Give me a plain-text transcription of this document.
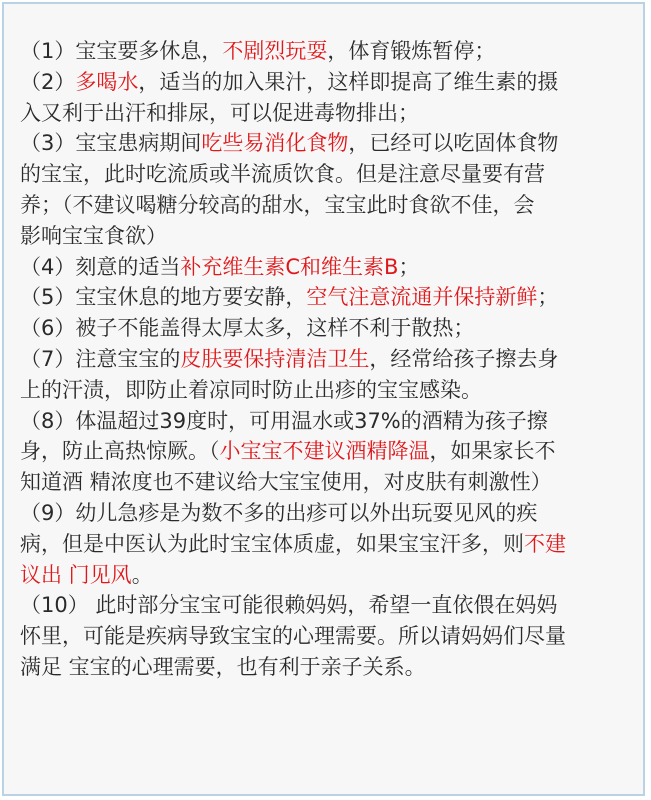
（1）宝宝要多休息，不剧烈玩耍，体育锻炼暂停；
（2）多喝水，适当的加入果汁，这样即提高了维生素的摄
入又利于出汗和排尿，可以促进毒物排出；
（3）宝宝患病期间吃些易消化食物，已经可以吃固体食物
的宝宝，此时吃流质或半流质饮食。但是注意尽量要有营
养；（不建议喝糖分较高的甜水，宝宝此时食欲不佳，会
影响宝宝食欲）
（4）刻意的适当补充维生素C和维生素B；
（5）宝宝休息的地方要安静，空气注意流通并保持新鲜；
（6）被子不能盖得太厚太多，这样不利于散热；
（7）注意宝宝的皮肤要保持清洁卫生，经常给孩子擦去身
上的汗渍，即防止着凉同时防止出疹的宝宝感染。
（8）体温超过39度时，可用温水或37%的酒精为孩子擦
身，防止高热惊厥。（小宝宝不建议酒精降温，如果家长不
知道酒 精浓度也不建议给大宝宝使用，对皮肤有刺激性）
（9）幼儿急疹是为数不多的出疹可以外出玩耍见风的疾
病，但是中医认为此时宝宝体质虚，如果宝宝汗多，则不建
议出 门见风。
（10） 此时部分宝宝可能很赖妈妈，希望一直依偎在妈妈
怀里，可能是疾病导致宝宝的心理需要。所以请妈妈们尽量
满足 宝宝的心理需要，也有利于亲子关系。
